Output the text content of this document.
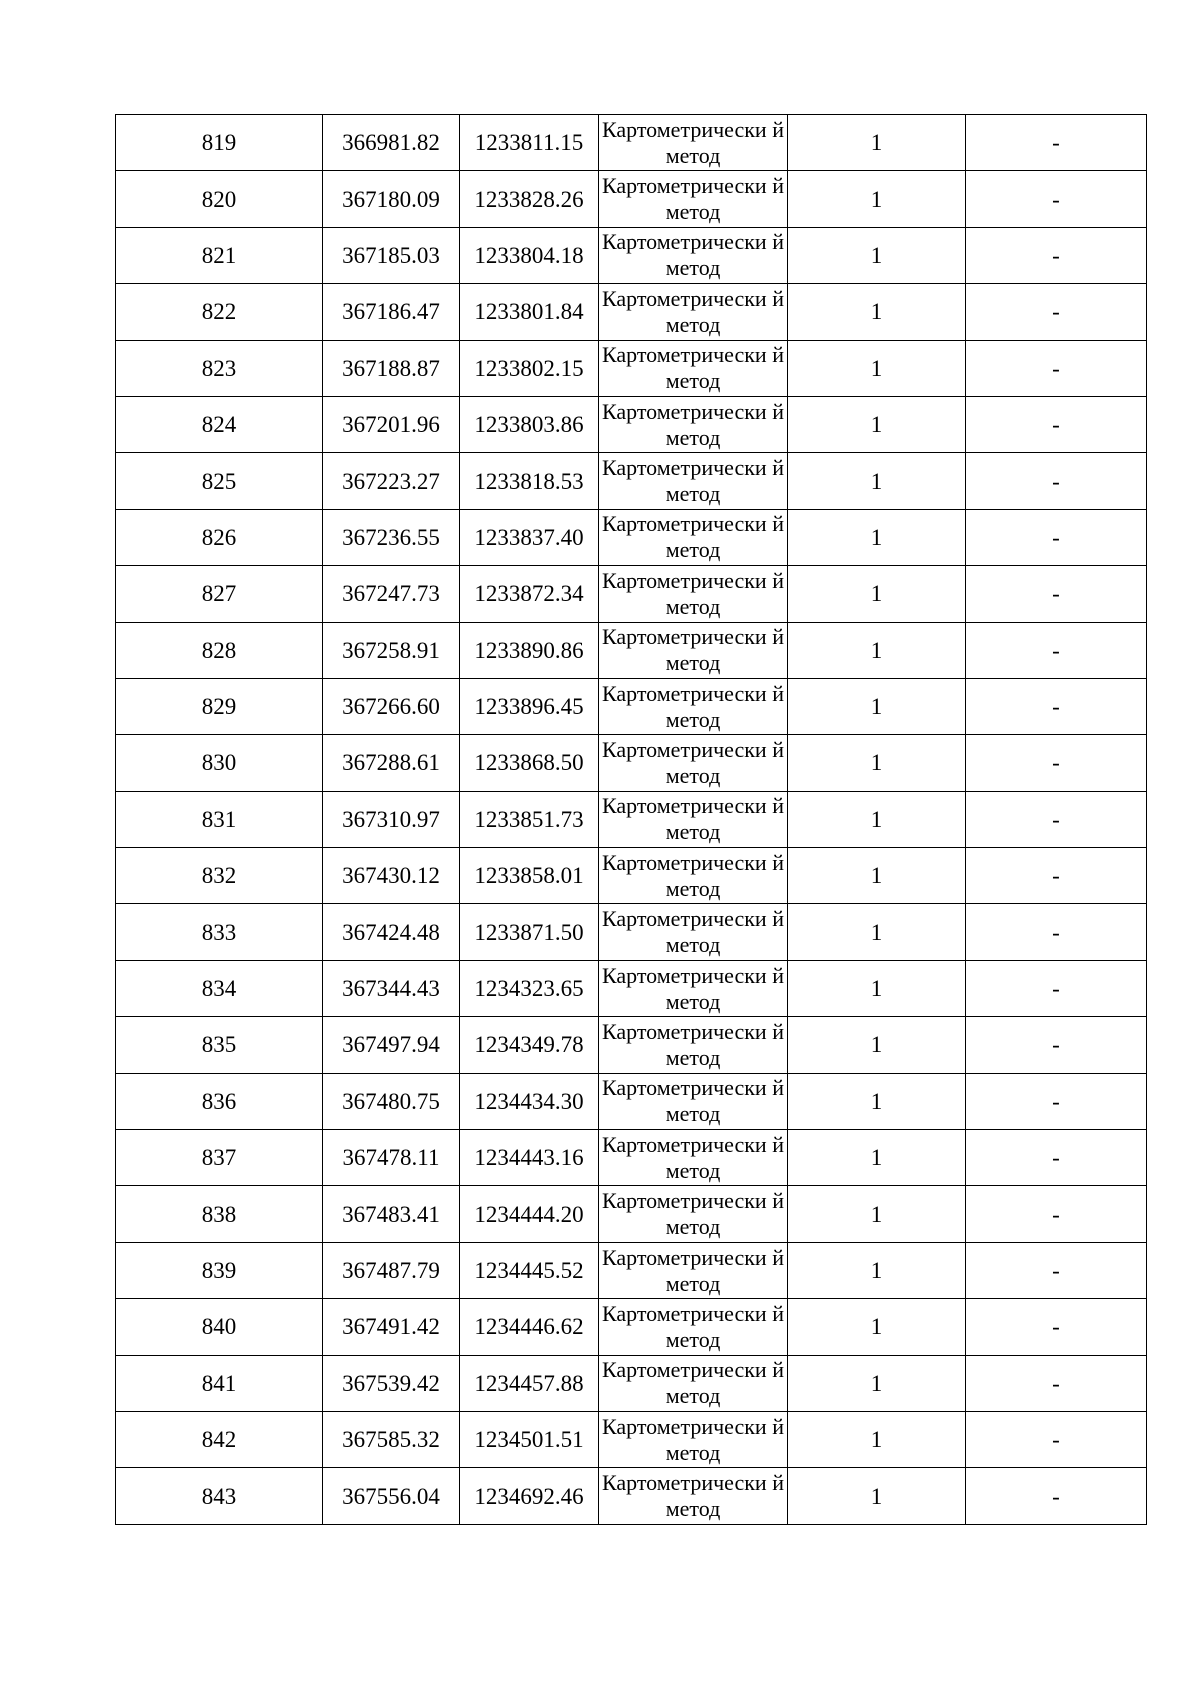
819	366981.82	1233811.15	Картометрически й метод	1	-
820	367180.09	1233828.26	Картометрически й метод	1	-
821	367185.03	1233804.18	Картометрически й метод	1	-
822	367186.47	1233801.84	Картометрически й метод	1	-
823	367188.87	1233802.15	Картометрически й метод	1	-
824	367201.96	1233803.86	Картометрически й метод	1	-
825	367223.27	1233818.53	Картометрически й метод	1	-
826	367236.55	1233837.40	Картометрически й метод	1	-
827	367247.73	1233872.34	Картометрически й метод	1	-
828	367258.91	1233890.86	Картометрически й метод	1	-
829	367266.60	1233896.45	Картометрически й метод	1	-
830	367288.61	1233868.50	Картометрически й метод	1	-
831	367310.97	1233851.73	Картометрически й метод	1	-
832	367430.12	1233858.01	Картометрически й метод	1	-
833	367424.48	1233871.50	Картометрически й метод	1	-
834	367344.43	1234323.65	Картометрически й метод	1	-
835	367497.94	1234349.78	Картометрически й метод	1	-
836	367480.75	1234434.30	Картометрически й метод	1	-
837	367478.11	1234443.16	Картометрически й метод	1	-
838	367483.41	1234444.20	Картометрически й метод	1	-
839	367487.79	1234445.52	Картометрически й метод	1	-
840	367491.42	1234446.62	Картометрически й метод	1	-
841	367539.42	1234457.88	Картометрически й метод	1	-
842	367585.32	1234501.51	Картометрически й метод	1	-
843	367556.04	1234692.46	Картометрически й метод	1	-
